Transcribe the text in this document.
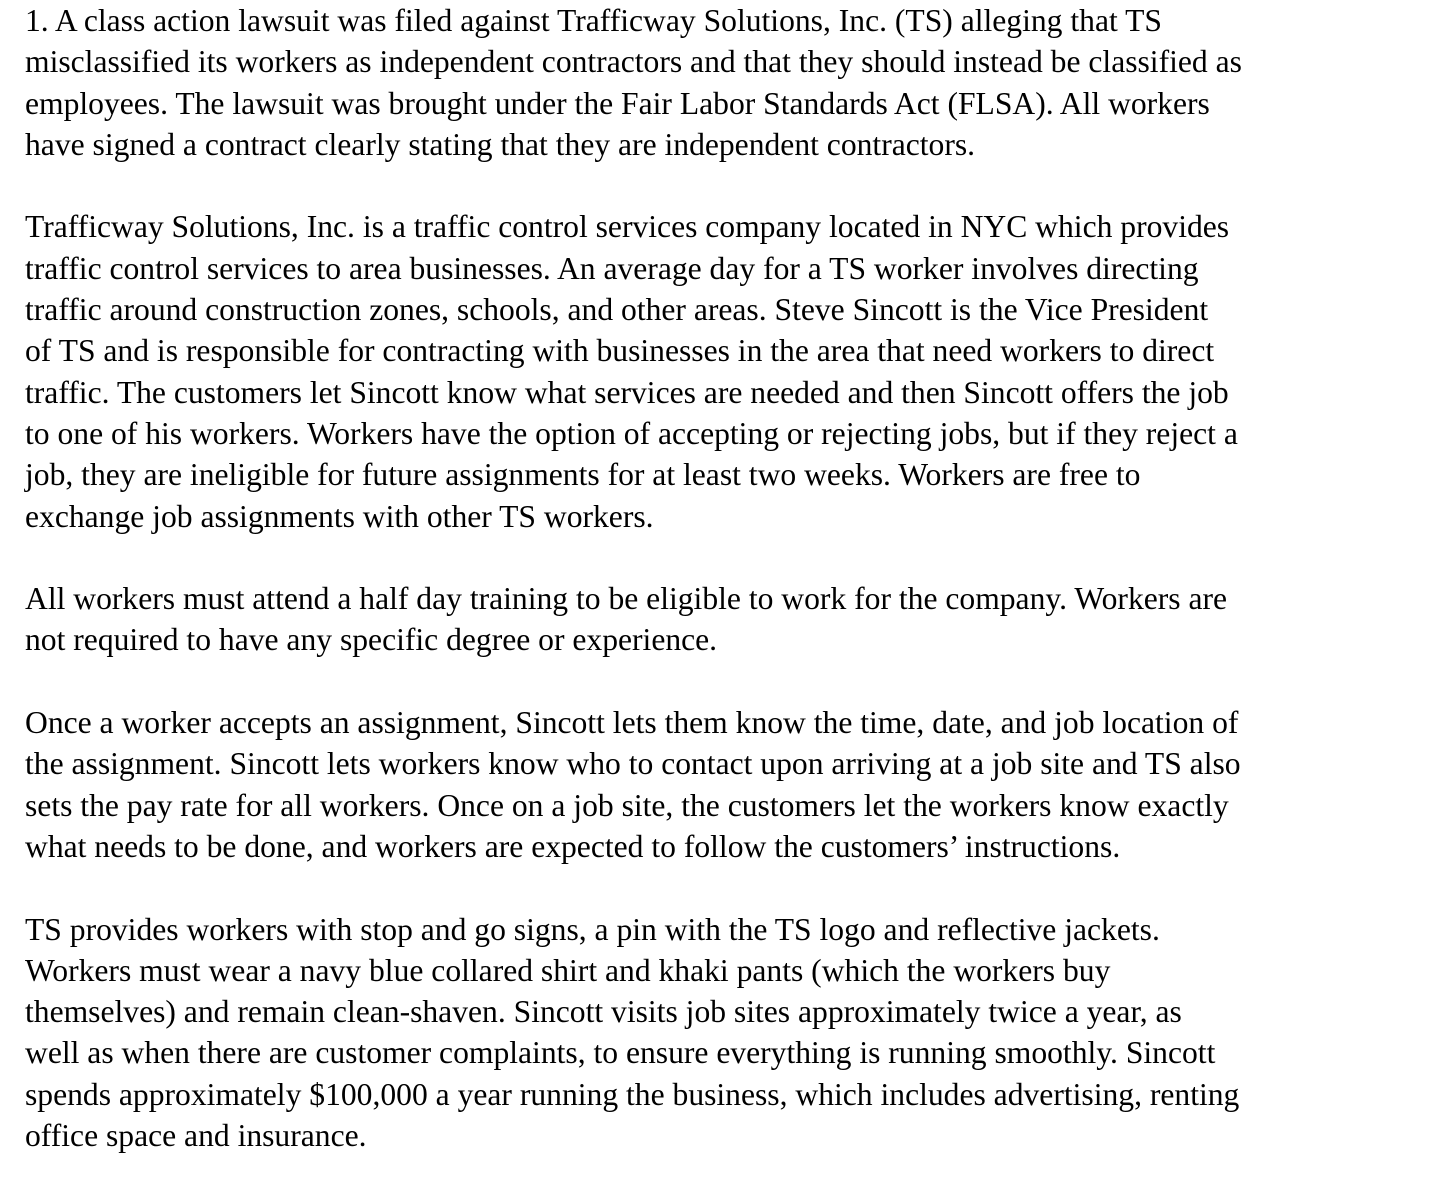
1. A class action lawsuit was filed against Trafficway Solutions, Inc. (TS) alleging that TS
misclassified its workers as independent contractors and that they should instead be classified as
employees. The lawsuit was brought under the Fair Labor Standards Act (FLSA). All workers
have signed a contract clearly stating that they are independent contractors.
Trafficway Solutions, Inc. is a traffic control services company located in NYC which provides
traffic control services to area businesses. An average day for a TS worker involves directing
traffic around construction zones, schools, and other areas. Steve Sincott is the Vice President
of TS and is responsible for contracting with businesses in the area that need workers to direct
traffic. The customers let Sincott know what services are needed and then Sincott offers the job
to one of his workers. Workers have the option of accepting or rejecting jobs, but if they reject a
job, they are ineligible for future assignments for at least two weeks. Workers are free to
exchange job assignments with other TS workers.
All workers must attend a half day training to be eligible to work for the company. Workers are
not required to have any specific degree or experience.
Once a worker accepts an assignment, Sincott lets them know the time, date, and job location of
the assignment. Sincott lets workers know who to contact upon arriving at a job site and TS also
sets the pay rate for all workers. Once on a job site, the customers let the workers know exactly
what needs to be done, and workers are expected to follow the customers’ instructions.
TS provides workers with stop and go signs, a pin with the TS logo and reflective jackets.
Workers must wear a navy blue collared shirt and khaki pants (which the workers buy
themselves) and remain clean-shaven. Sincott visits job sites approximately twice a year, as
well as when there are customer complaints, to ensure everything is running smoothly. Sincott
spends approximately $100,000 a year running the business, which includes advertising, renting
office space and insurance.
